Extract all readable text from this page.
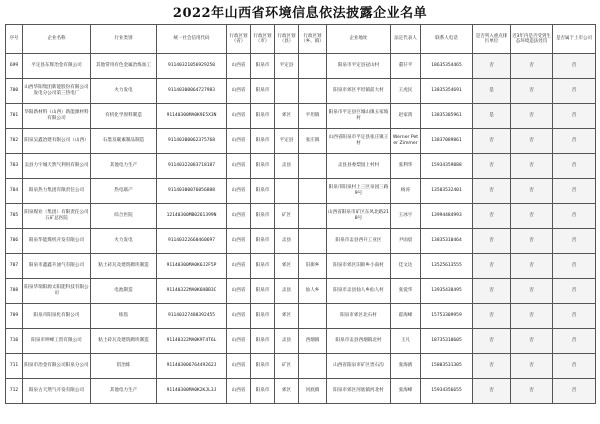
2022年山西省环境信息依法披露企业名单
序号	企业名称	行业类别	统一社会信用代码	行政区划（省）	行政区划（市）	行政区划（县）	行政区划（乡、镇）	企业地址	法定代表人	联系人电话	是否列入重点排污单位	近3年内是否受到生态环境违法处罚	是否属于上市公司
699	平定县东辉冶金有限公司	其他常用有色金属冶炼加工	91140321056929250	山西省	阳泉市	平定县		阳泉市平定县冠山村	董仔平	18635354465	否	否	否
700	山西华阳集团新能股份有限公司发电分公司第三热电厂	火力发电	91140300064727983	山西省	阳泉市			阳泉市郊区平坦镇前大村	王虎民	13835354691	是	否	否
701	华阳新材料（山西）新能源材料有限公司	有机化学原料制造	91140300MA0K9E5X3N	山西省	阳泉市	郊区	平坦镇	阳泉市平定县巨城山镇五家坡村	赵家鸿	13835385961	是	否	否
702	阳泉吴鑫冶建有限公司（山西）	石墨及碳素制品制造	91140300062375768	山西省	阳泉市	平定县	张庄镇	山西省阳泉市平定县张庄镇王村	Werner Peter Zimmer	13837089861	否	否	否
703	盂县力宇城天然气利用有限公司	其他电力生产	91140322083718187	山西省	阳泉市	盂县		盂县县委梨园上村村	张利华	15934359888	否	否	否
704	阳泉热力集团有限责任公司	热电联产	91140300076056808	山西省	阳泉市			阳泉市阳泉村上三区泉园三路9号	杨涛	13503532401	否	否	否
705	阳泉煤业（集团）有限责任公司五矿总医院	综合医院	12140300MB0261399N	山西省	阳泉市	矿区		山西省阳泉市矿区东风北路218号	王冰宇	13994484993	否	否	否
706	阳泉华能煤机开发有限公司	火力发电	91140322660460697	山西省	阳泉市	盂县		阳泉市盂县西开工业区	尹雨宸	13835310464	否	否	否
707	阳泉市鑫鑫升油气有限公司	粘土砖瓦及建筑砌块制造	91140300MA0K6J2F5P	山西省	阳泉市	郊区	旧街乡	阳泉市郊区旧街乡小南村	佳文达	13525613555	否	否	否
708	阳泉华瑞阳源太阳能科技有限公司	电池制造	91140322MA0K6HBB3C	山西省	阳泉市	盂县	仙人乡	阳泉市盂县仙人乡仙人村	张爱华	13935438495	否	否	否
709	阳泉市阳泉化有限公司	炼焦	91140327488392455	山西省	阳泉市	郊区		阳泉市郊区北石村	霍海峰	15753309959	否	否	否
710	阳泉市坤峰工贸有限公司	粘土砖瓦及建筑砌块制造	91140322MA0K9T4T6L	山西省	阳泉市	盂县	西烟镇	阳泉市盂县西烟镇北村	王凡	18735310605	否	否	否
711	阳泉市冶金有限公司阳泉分公司	铝冶炼	91140300676449262J	山西省	阳泉市	矿区		山西省阳泉市矿区贵石沟	张海鸥	15803531305	否	否	否
712	阳泉古天然气开发有限公司	其他电力生产	91140300MA0K2KJL3J	山西省	阳泉市	郊区	河底镇	阳泉市郊区河底镇河北村	张海峰	15934356655	否	否	否
